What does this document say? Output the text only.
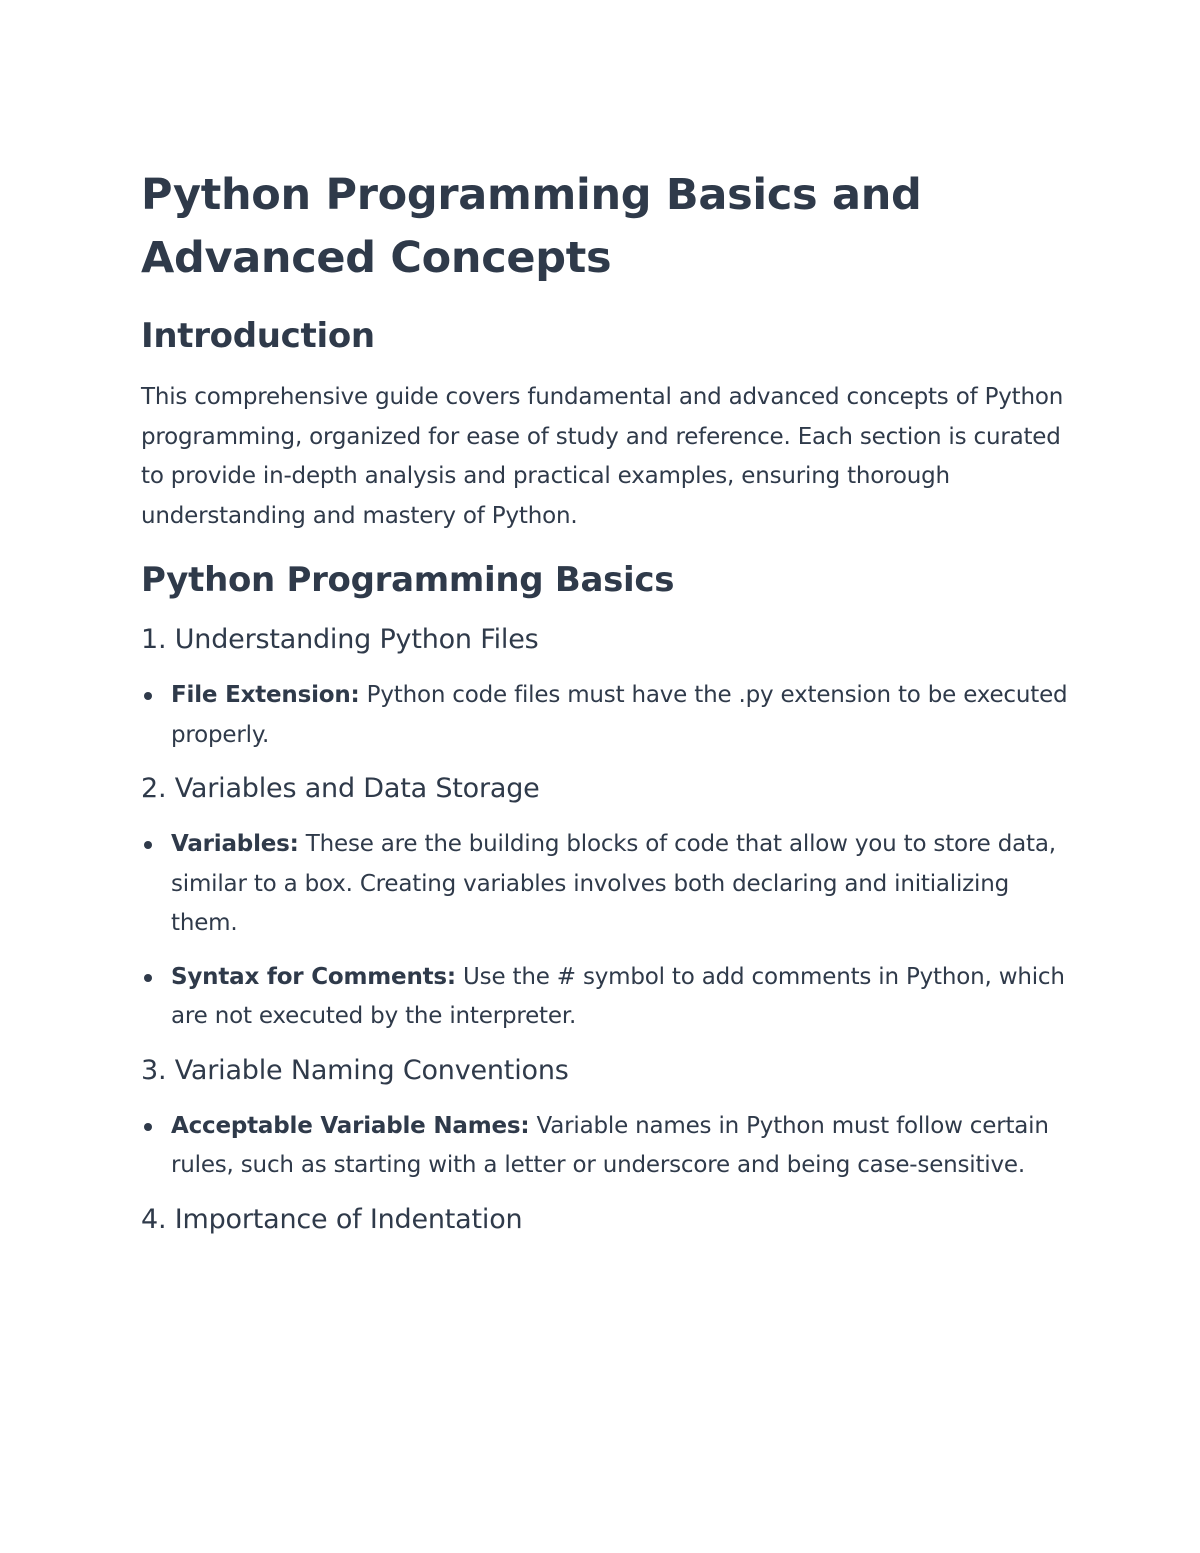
Python Programming Basics and Advanced Concepts
Introduction

This comprehensive guide covers fundamental and advanced concepts of Python programming, organized for ease of study and reference. Each section is curated to provide in-depth analysis and practical examples, ensuring thorough understanding and mastery of Python.

Python Programming Basics
1. Understanding Python Files
File Extension: Python code files must have the .py extension to be executed properly.
2. Variables and Data Storage
Variables: These are the building blocks of code that allow you to store data, similar to a box. Creating variables involves both declaring and initializing them.
Syntax for Comments: Use the # symbol to add comments in Python, which are not executed by the interpreter.
3. Variable Naming Conventions
Acceptable Variable Names: Variable names in Python must follow certain rules, such as starting with a letter or underscore and being case-sensitive.
4. Importance of Indentation
